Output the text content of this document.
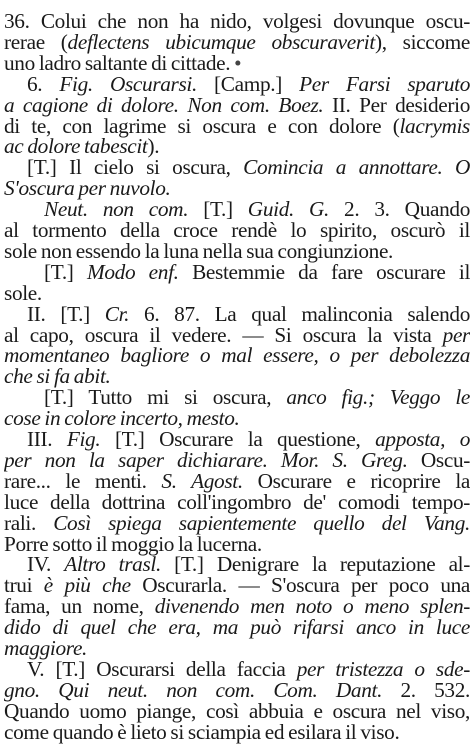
36. Colui che non ha nido, volgesi dovunque oscu-
rerae (deflectens ubicumque obscuraverit), siccome
uno ladro saltante di cittade. •
6. Fig. Oscurarsi. [Camp.] Per Farsi sparuto
a cagione di dolore. Non com. Boez. II. Per desiderio
di te, con lagrime si oscura e con dolore (lacrymis
ac dolore tabescit).
[T.] Il cielo si oscura, Comincia a annottare. O
S'oscura per nuvolo.
Neut. non com. [T.] Guid. G. 2. 3. Quando
al tormento della croce rendè lo spirito, oscurò il
sole non essendo la luna nella sua congiunzione.
[T.] Modo enf. Bestemmie da fare oscurare il
sole.
II. [T.] Cr. 6. 87. La qual malinconia salendo
al capo, oscura il vedere. — Si oscura la vista per
momentaneo bagliore o mal essere, o per debolezza
che si fa abit.
[T.] Tutto mi si oscura, anco fig.; Veggo le
cose in colore incerto, mesto.
III. Fig. [T.] Oscurare la questione, apposta, o
per non la saper dichiarare. Mor. S. Greg. Oscu-
rare... le menti. S. Agost. Oscurare e ricoprire la
luce della dottrina coll'ingombro de' comodi tempo-
rali. Così spiega sapientemente quello del Vang.
Porre sotto il moggio la lucerna.
IV. Altro trasl. [T.] Denigrare la reputazione al-
trui è più che Oscurarla. — S'oscura per poco una
fama, un nome, divenendo men noto o meno splen-
dido di quel che era, ma può rifarsi anco in luce
maggiore.
V. [T.] Oscurarsi della faccia per tristezza o sde-
gno. Qui neut. non com. Com. Dant. 2. 532.
Quando uomo piange, così abbuia e oscura nel viso,
come quando è lieto si sciampia ed esilara il viso.
